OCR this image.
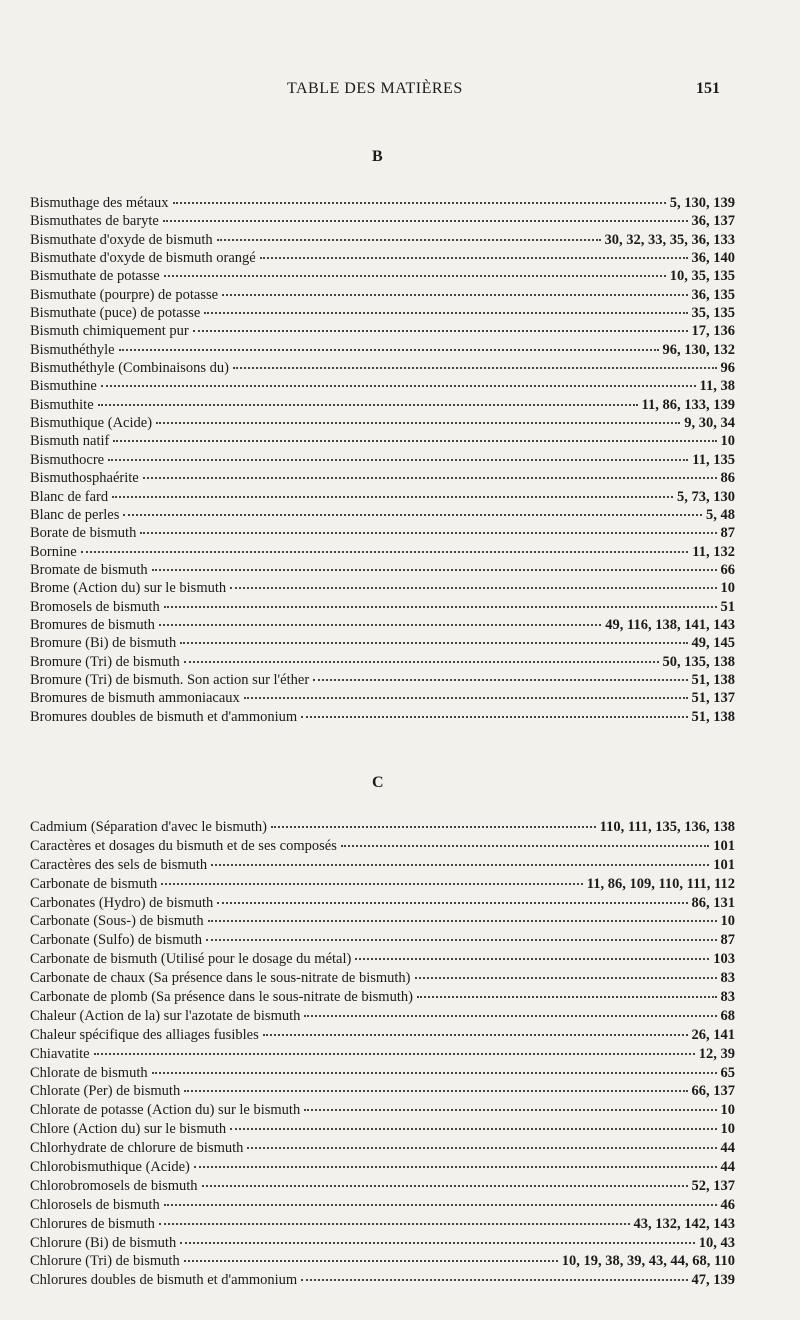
TABLE DES MATIÈRES	151
B
Bismuthage des métaux	5, 130, 139
Bismuthates de baryte	36, 137
Bismuthate d'oxyde de bismuth	30, 32, 33, 35, 36, 133
Bismuthate d'oxyde de bismuth orangé	36, 140
Bismuthate de potasse	10, 35, 135
Bismuthate (pourpre) de potasse	36, 135
Bismuthate (puce) de potasse	35, 135
Bismuth chimiquement pur	17, 136
Bismuthéthyle	96, 130, 132
Bismuthéthyle (Combinaisons du)	96
Bismuthine	11, 38
Bismuthite	11, 86, 133, 139
Bismuthique (Acide)	9, 30, 34
Bismuth natif	10
Bismuthocre	11, 135
Bismuthosphaérite	86
Blanc de fard	5, 73, 130
Blanc de perles	5, 48
Borate de bismuth	87
Bornine	11, 132
Bromate de bismuth	66
Brome (Action du) sur le bismuth	10
Bromosels de bismuth	51
Bromures de bismuth	49, 116, 138, 141, 143
Bromure (Bi) de bismuth	49, 145
Bromure (Tri) de bismuth	50, 135, 138
Bromure (Tri) de bismuth. Son action sur l'éther	51, 138
Bromures de bismuth ammoniacaux	51, 137
Bromures doubles de bismuth et d'ammonium	51, 138
C
Cadmium (Séparation d'avec le bismuth)	110, 111, 135, 136, 138
Caractères et dosages du bismuth et de ses composés	101
Caractères des sels de bismuth	101
Carbonate de bismuth	11, 86, 109, 110, 111, 112
Carbonates (Hydro) de bismuth	86, 131
Carbonate (Sous-) de bismuth	10
Carbonate (Sulfo) de bismuth	87
Carbonate de bismuth (Utilisé pour le dosage du métal)	103
Carbonate de chaux (Sa présence dans le sous-nitrate de bismuth)	83
Carbonate de plomb (Sa présence dans le sous-nitrate de bismuth)	83
Chaleur (Action de la) sur l'azotate de bismuth	68
Chaleur spécifique des alliages fusibles	26, 141
Chiavatite	12, 39
Chlorate de bismuth	65
Chlorate (Per) de bismuth	66, 137
Chlorate de potasse (Action du) sur le bismuth	10
Chlore (Action du) sur le bismuth	10
Chlorhydrate de chlorure de bismuth	44
Chlorobismuthique (Acide)	44
Chlorobromosels de bismuth	52, 137
Chlorosels de bismuth	46
Chlorures de bismuth	43, 132, 142, 143
Chlorure (Bi) de bismuth	10, 43
Chlorure (Tri) de bismuth	10, 19, 38, 39, 43, 44, 68, 110
Chlorures doubles de bismuth et d'ammonium	47, 139
